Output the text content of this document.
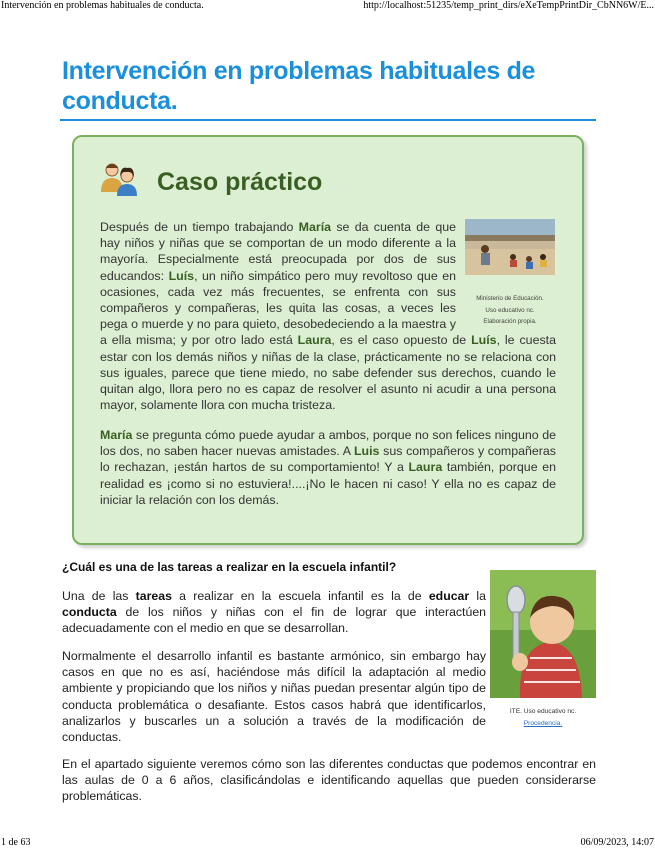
Intervención en problemas habituales de conducta.	http://localhost:51235/temp_print_dirs/eXeTempPrintDir_CbNN6W/E...
Intervención en problemas habituales de conducta.
Caso práctico
Ministerio de Educación.
Uso educativo nc.
Elaboración propia.
Después de un tiempo trabajando María se da cuenta de que hay niños y niñas que se comportan de un modo diferente a la mayoría. Especialmente está preocupada por dos de sus educandos: Luís, un niño simpático pero muy revoltoso que en ocasiones, cada vez más frecuentes, se enfrenta con sus compañeros y compañeras, les quita las cosas, a veces les pega o muerde y no para quieto, desobedeciendo a la maestra y a ella misma; y por otro lado está Laura, es el caso opuesto de Luís, le cuesta estar con los demás niños y niñas de la clase, prácticamente no se relaciona con sus iguales, parece que tiene miedo, no sabe defender sus derechos, cuando le quitan algo, llora pero no es capaz de resolver el asunto ni acudir a una persona mayor, solamente llora con mucha tristeza.
María se pregunta cómo puede ayudar a ambos, porque no son felices ninguno de los dos, no saben hacer nuevas amistades. A Luis sus compañeros y compañeras lo rechazan, ¡están hartos de su comportamiento! Y a Laura también, porque en realidad es ¡como si no estuviera!....¡No le hacen ni caso! Y ella no es capaz de iniciar la relación con los demás.
¿Cuál es una de las tareas a realizar en la escuela infantil?
Una de las tareas a realizar en la escuela infantil es la de educar la conducta de los niños y niñas con el fin de lograr que interactúen adecuadamente con el medio en que se desarrollan.
Normalmente el desarrollo infantil es bastante armónico, sin embargo hay casos en que no es así, haciéndose más difícil la adaptación al medio ambiente y propiciando que los niños y niñas puedan presentar algún tipo de conducta problemática o desafiante. Estos casos habrá que identificarlos, analizarlos y buscarles un a solución a través de la modificación de conductas.
En el apartado siguiente veremos cómo son las diferentes conductas que podemos encontrar en las aulas de 0 a 6 años, clasificándolas e identificando aquellas que pueden considerarse problemáticas.
ITE. Uso educativo nc.
Procedencia.
1 de 63	06/09/2023, 14:07
